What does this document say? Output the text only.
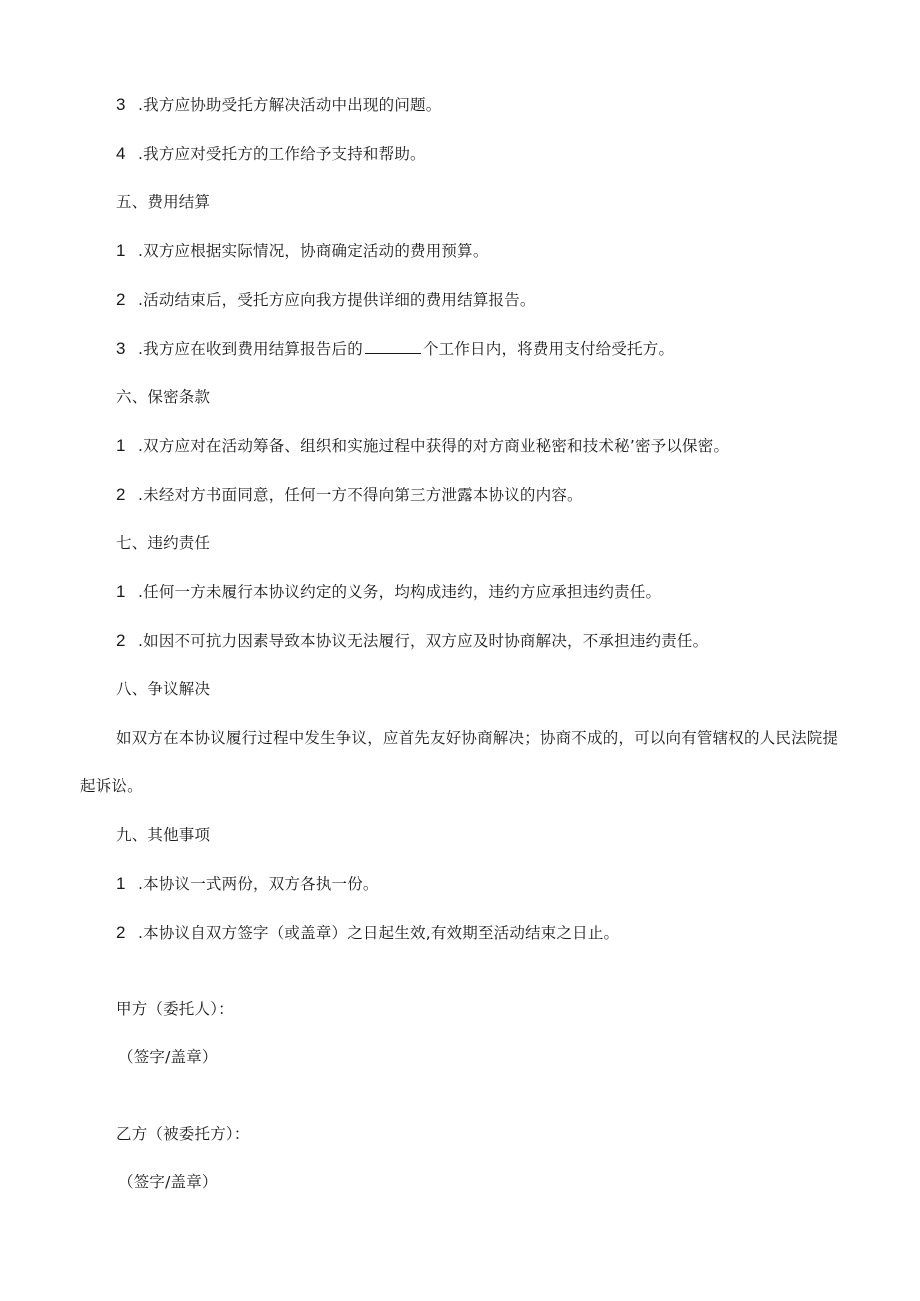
3 .我方应协助受托方解决活动中出现的问题。
4 .我方应对受托方的工作给予支持和帮助。
五、费用结算
1 .双方应根据实际情况，协商确定活动的费用预算。
2 .活动结束后，受托方应向我方提供详细的费用结算报告。
3 .我方应在收到费用结算报告后的	个工作日内，将费用支付给受托方。
六、保密条款
1 .双方应对在活动筹备、组织和实施过程中获得的对方商业秘密和技术秘’密予以保密。
2 .未经对方书面同意，任何一方不得向第三方泄露本协议的内容。
七、违约责任
1 .任何一方未履行本协议约定的义务，均构成违约，违约方应承担违约责任。
2 .如因不可抗力因素导致本协议无法履行，双方应及时协商解决，不承担违约责任。
八、争议解决
如双方在本协议履行过程中发生争议，应首先友好协商解决；协商不成的，可以向有管辖权的人民法院提
起诉讼。
九、其他事项
1 .本协议一式两份，双方各执一份。
2 .本协议自双方签字（或盖章）之日起生效,有效期至活动结束之日止。
甲方（委托人）：
（签字/盖章）
乙方（被委托方）：
（签字/盖章）
